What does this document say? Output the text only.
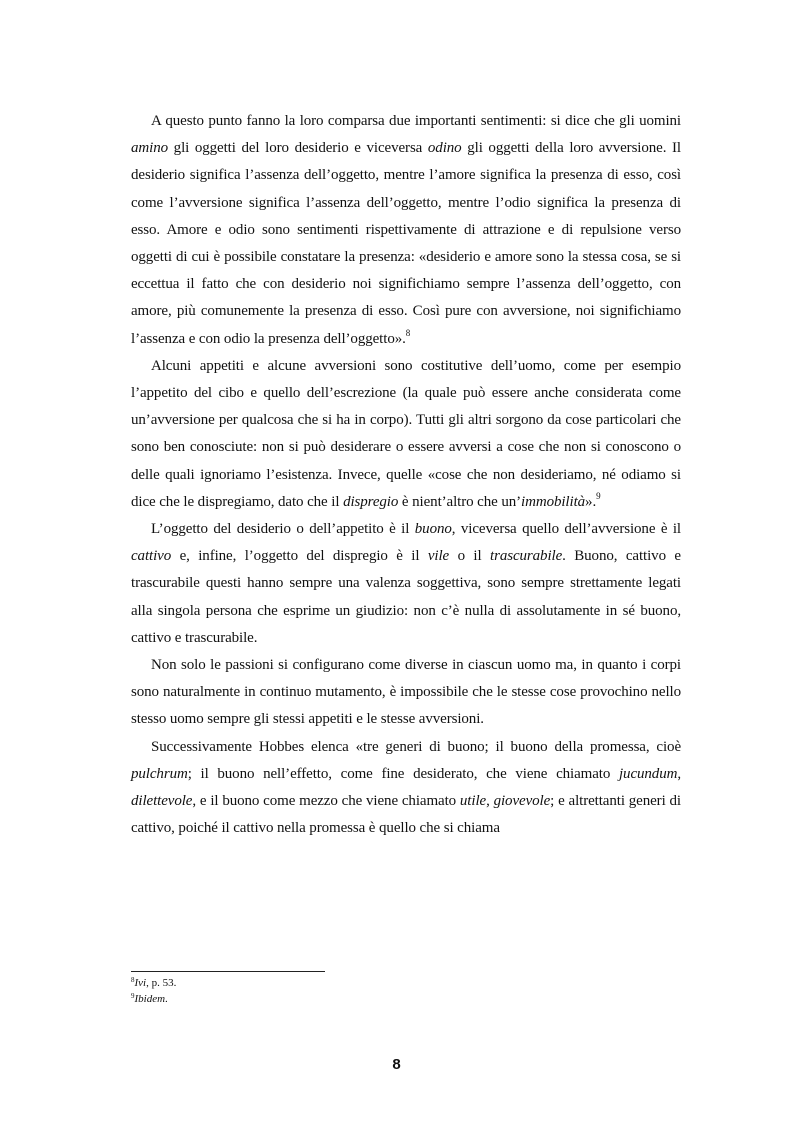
A questo punto fanno la loro comparsa due importanti sentimenti: si dice che gli uomini amino gli oggetti del loro desiderio e viceversa odino gli oggetti della loro avversione. Il desiderio significa l’assenza dell’oggetto, mentre l’amore significa la presenza di esso, così come l’avversione significa l’assenza dell’oggetto, mentre l’odio significa la presenza di esso. Amore e odio sono sentimenti rispettivamente di attrazione e di repulsione verso oggetti di cui è possibile constatare la presenza: «desiderio e amore sono la stessa cosa, se si eccettua il fatto che con desiderio noi significhiamo sempre l’assenza dell’oggetto, con amore, più comunemente la presenza di esso. Così pure con avversione, noi significhiamo l’assenza e con odio la presenza dell’oggetto».$^8$

Alcuni appetiti e alcune avversioni sono costitutive dell’uomo, come per esempio l’appetito del cibo e quello dell’escrezione (la quale può essere anche considerata come un’avversione per qualcosa che si ha in corpo). Tutti gli altri sorgono da cose particolari che sono ben conosciute: non si può desiderare o essere avversi a cose che non si conoscono o delle quali ignoriamo l’esistenza. Invece, quelle «cose che non desideriamo, né odiamo si dice che le dispregiamo, dato che il dispregio è nient’altro che un’immobilità».$^9$

L’oggetto del desiderio o dell’appetito è il buono, viceversa quello dell’avversione è il cattivo e, infine, l’oggetto del dispregio è il vile o il trascurabile. Buono, cattivo e trascurabile questi hanno sempre una valenza soggettiva, sono sempre strettamente legati alla singola persona che esprime un giudizio: non c’è nulla di assolutamente in sé buono, cattivo e trascurabile.

Non solo le passioni si configurano come diverse in ciascun uomo ma, in quanto i corpi sono naturalmente in continuo mutamento, è impossibile che le stesse cose provochino nello stesso uomo sempre gli stessi appetiti e le stesse avversioni.

Successivamente Hobbes elenca «tre generi di buono; il buono della promessa, cioè pulchrum; il buono nell’effetto, come fine desiderato, che viene chiamato jucundum, dilettevole, e il buono come mezzo che viene chiamato utile, giovevole; e altrettanti generi di cattivo, poiché il cattivo nella promessa è quello che si chiama

$^8$Ivi, p. 53.
$^9$Ibidem.
8
